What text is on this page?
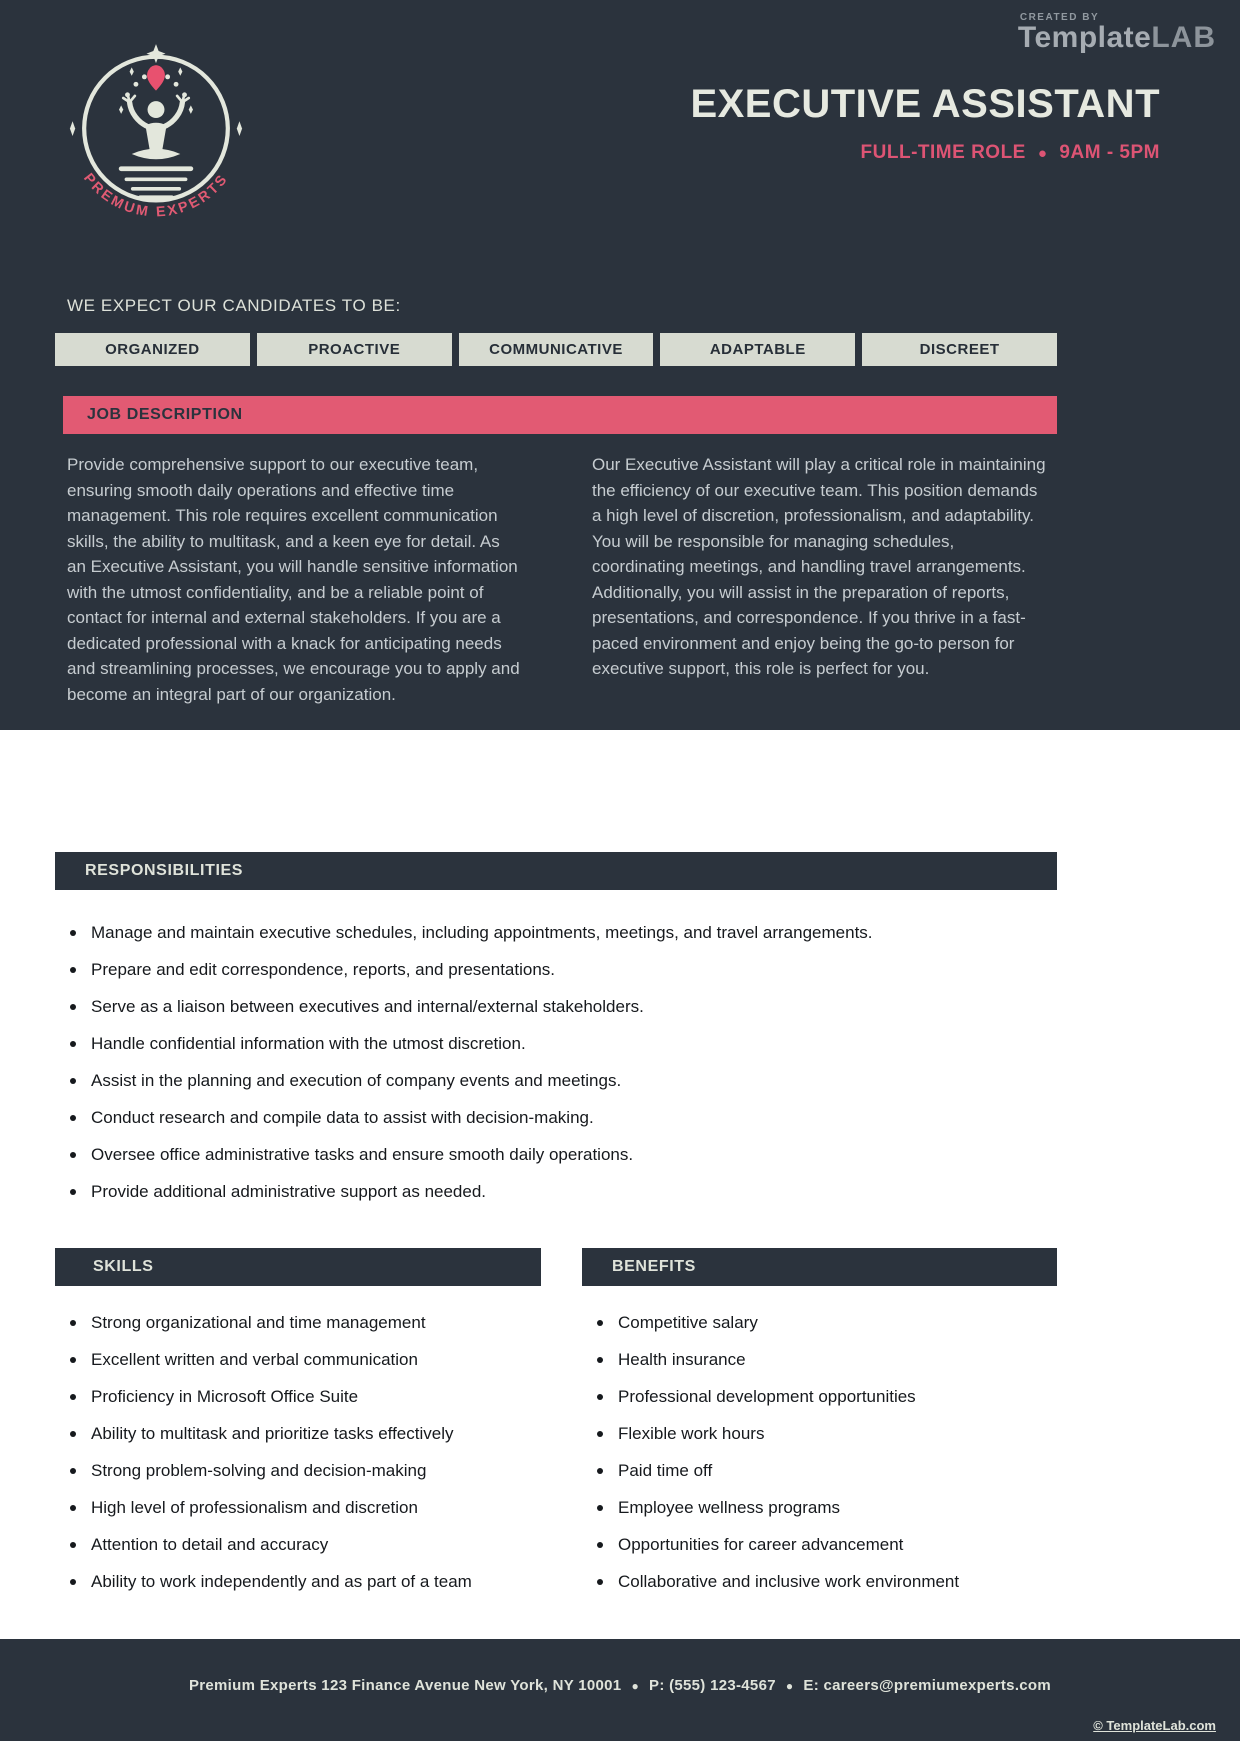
CREATED BY
TemplateLAB
PREMUM EXPERTS
EXECUTIVE ASSISTANT
FULL-TIME ROLE ● 9AM - 5PM
WE EXPECT OUR CANDIDATES TO BE:
ORGANIZED	PROACTIVE	COMMUNICATIVE	ADAPTABLE	DISCREET
JOB DESCRIPTION
Provide comprehensive support to our executive team, ensuring smooth daily operations and effective time management. This role requires excellent communication skills, the ability to multitask, and a keen eye for detail. As an Executive Assistant, you will handle sensitive information with the utmost confidentiality, and be a reliable point of contact for internal and external stakeholders. If you are a dedicated professional with a knack for anticipating needs and streamlining processes, we encourage you to apply and become an integral part of our organization.
Our Executive Assistant will play a critical role in maintaining the efficiency of our executive team. This position demands a high level of discretion, professionalism, and adaptability. You will be responsible for managing schedules, coordinating meetings, and handling travel arrangements. Additionally, you will assist in the preparation of reports, presentations, and correspondence. If you thrive in a fast-paced environment and enjoy being the go-to person for executive support, this role is perfect for you.
RESPONSIBILITIES
Manage and maintain executive schedules, including appointments, meetings, and travel arrangements.
Prepare and edit correspondence, reports, and presentations.
Serve as a liaison between executives and internal/external stakeholders.
Handle confidential information with the utmost discretion.
Assist in the planning and execution of company events and meetings.
Conduct research and compile data to assist with decision-making.
Oversee office administrative tasks and ensure smooth daily operations.
Provide additional administrative support as needed.
SKILLS	BENEFITS
Strong organizational and time management
Excellent written and verbal communication
Proficiency in Microsoft Office Suite
Ability to multitask and prioritize tasks effectively
Strong problem-solving and decision-making
High level of professionalism and discretion
Attention to detail and accuracy
Ability to work independently and as part of a team
Competitive salary
Health insurance
Professional development opportunities
Flexible work hours
Paid time off
Employee wellness programs
Opportunities for career advancement
Collaborative and inclusive work environment
Premium Experts 123 Finance Avenue New York, NY 10001 ● P: (555) 123-4567 ● E: careers@premiumexperts.com
© TemplateLab.com
